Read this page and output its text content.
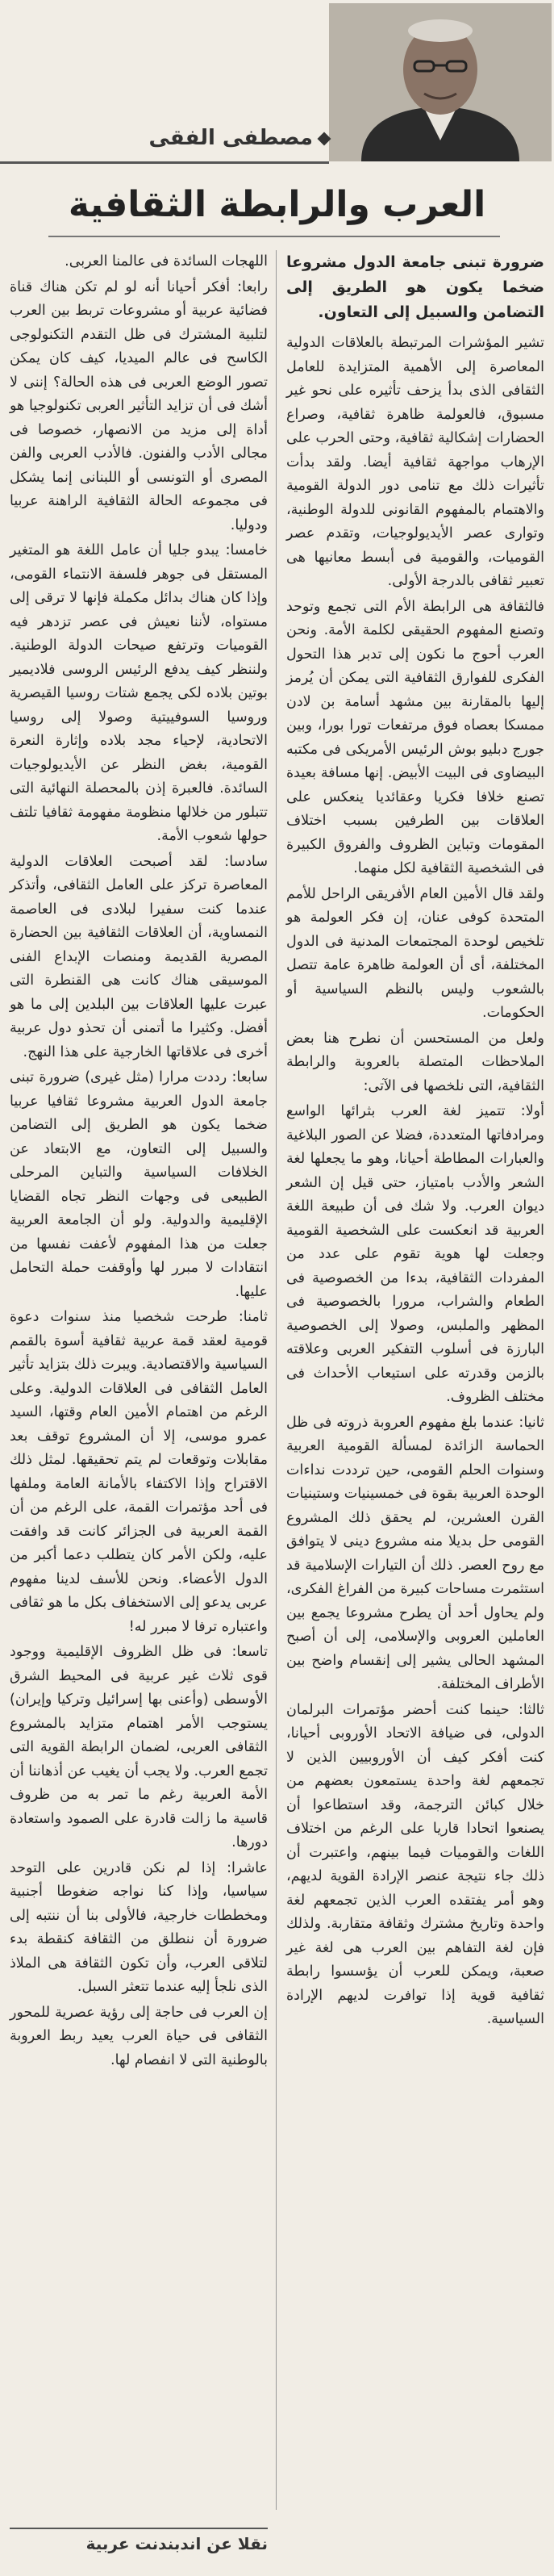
مصطفى الفقى
العرب والرابطة الثقافية

ضرورة تبنى جامعة الدول مشروعا ضخما يكون هو الطريق إلى التضامن والسبيل إلى التعاون.

تشير المؤشرات المرتبطة بالعلاقات الدولية المعاصرة إلى الأهمية المتزايدة للعامل الثقافى الذى بدأ يزحف تأثيره على نحو غير مسبوق، فالعولمة ظاهرة ثقافية، وصراع الحضارات إشكالية ثقافية، وحتى الحرب على الإرهاب مواجهة ثقافية أيضا. ولقد بدأت تأثيرات ذلك مع تنامى دور الدولة القومية والاهتمام بالمفهوم القانونى للدولة الوطنية، وتوارى عصر الأيديولوجيات، وتقدم عصر القوميات، والقومية فى أبسط معانيها هى تعبير ثقافى بالدرجة الأولى.

فالثقافة هى الرابطة الأم التى تجمع وتوحد وتصنع المفهوم الحقيقى لكلمة الأمة. ونحن العرب أحوج ما نكون إلى تدبر هذا التحول الفكرى للفوارق الثقافية التى يمكن أن يُرمز إليها بالمقارنة بين مشهد أسامة بن لادن ممسكا بعصاه فوق مرتفعات تورا بورا، وبين جورج دبليو بوش الرئيس الأمريكى فى مكتبه البيضاوى فى البيت الأبيض. إنها مسافة بعيدة تصنع خلافا فكريا وعقائديا ينعكس على العلاقات بين الطرفين بسبب اختلاف المقومات وتباين الظروف والفروق الكبيرة فى الشخصية الثقافية لكل منهما.

ولقد قال الأمين العام الأفريقى الراحل للأمم المتحدة كوفى عنان، إن فكر العولمة هو تلخيص لوحدة المجتمعات المدنية فى الدول المختلفة، أى أن العولمة ظاهرة عامة تتصل بالشعوب وليس بالنظم السياسية أو الحكومات.

ولعل من المستحسن أن نطرح هنا بعض الملاحظات المتصلة بالعروبة والرابطة الثقافية، التى نلخصها فى الآتى:

أولا: تتميز لغة العرب بثرائها الواسع ومرادفاتها المتعددة، فضلا عن الصور البلاغية والعبارات المطاطة أحيانا، وهو ما يجعلها لغة الشعر والأدب بامتياز، حتى قيل إن الشعر ديوان العرب. ولا شك فى أن طبيعة اللغة العربية قد انعكست على الشخصية القومية وجعلت لها هوية تقوم على عدد من المفردات الثقافية، بدءا من الخصوصية فى الطعام والشراب، مرورا بالخصوصية فى المظهر والملبس، وصولا إلى الخصوصية البارزة فى أسلوب التفكير العربى وعلاقته بالزمن وقدرته على استيعاب الأحداث فى مختلف الظروف.

ثانيا: عندما بلغ مفهوم العروبة ذروته فى ظل الحماسة الزائدة لمسألة القومية العربية وسنوات الحلم القومى، حين ترددت نداءات الوحدة العربية بقوة فى خمسينيات وستينيات القرن العشرين، لم يحقق ذلك المشروع القومى حل بديلا منه مشروع دينى لا يتوافق مع روح العصر. ذلك أن التيارات الإسلامية قد استثمرت مساحات كبيرة من الفراغ الفكرى، ولم يحاول أحد أن يطرح مشروعا يجمع بين العاملين العروبى والإسلامى، إلى أن أصبح المشهد الحالى يشير إلى إنقسام واضح بين الأطراف المختلفة.

ثالثا: حينما كنت أحضر مؤتمرات البرلمان الدولى، فى ضيافة الاتحاد الأوروبى أحيانا، كنت أفكر كيف أن الأوروبيين الذين لا تجمعهم لغة واحدة يستمعون بعضهم من خلال كبائن الترجمة، وقد استطاعوا أن يصنعوا اتحادا قاريا على الرغم من اختلاف اللغات والقوميات فيما بينهم، واعتبرت أن ذلك جاء نتيجة عنصر الإرادة القوية لديهم، وهو أمر يفتقده العرب الذين تجمعهم لغة واحدة وتاريخ مشترك وثقافة متقاربة. ولذلك فإن لغة التفاهم بين العرب هى لغة غير صعبة، ويمكن للعرب أن يؤسسوا رابطة ثقافية قوية إذا توافرت لديهم الإرادة السياسية.

اللهجات السائدة فى عالمنا العربى.

رابعا: أفكر أحيانا أنه لو لم تكن هناك قناة فضائية عربية أو مشروعات تربط بين العرب لتلبية المشترك فى ظل التقدم التكنولوجى الكاسح فى عالم الميديا، كيف كان يمكن تصور الوضع العربى فى هذه الحالة؟ إننى لا أشك فى أن تزايد التأثير العربى تكنولوجيا هو أداة إلى مزيد من الانصهار، خصوصا فى مجالى الأدب والفنون. فالأدب العربى والفن المصرى أو التونسى أو اللبنانى إنما يشكل فى مجموعه الحالة الثقافية الراهنة عربيا ودوليا.

خامسا: يبدو جليا أن عامل اللغة هو المتغير المستقل فى جوهر فلسفة الانتماء القومى، وإذا كان هناك بدائل مكملة فإنها لا ترقى إلى مستواه، لأننا نعيش فى عصر تزدهر فيه القوميات وترتفع صيحات الدولة الوطنية. ولننظر كيف يدفع الرئيس الروسى فلاديمير بوتين بلاده لكى يجمع شتات روسيا القيصرية وروسيا السوفييتية وصولا إلى روسيا الاتحادية، لإحياء مجد بلاده وإثارة النعرة القومية، بغض النظر عن الأيديولوجيات السائدة. فالعبرة إذن بالمحصلة النهائية التى تتبلور من خلالها منظومة مفهومة ثقافيا تلتف حولها شعوب الأمة.

سادسا: لقد أصبحت العلاقات الدولية المعاصرة تركز على العامل الثقافى، وأتذكر عندما كنت سفيرا لبلادى فى العاصمة النمساوية، أن العلاقات الثقافية بين الحضارة المصرية القديمة ومنصات الإبداع الفنى الموسيقى هناك كانت هى القنطرة التى عبرت عليها العلاقات بين البلدين إلى ما هو أفضل. وكثيرا ما أتمنى أن تحذو دول عربية أخرى فى علاقاتها الخارجية على هذا النهج.

سابعا: رددت مرارا (مثل غيرى) ضرورة تبنى جامعة الدول العربية مشروعا ثقافيا عربيا ضخما يكون هو الطريق إلى التضامن والسبيل إلى التعاون، مع الابتعاد عن الخلافات السياسية والتباين المرحلى الطبيعى فى وجهات النظر تجاه القضايا الإقليمية والدولية. ولو أن الجامعة العربية جعلت من هذا المفهوم لأعفت نفسها من انتقادات لا مبرر لها وأوقفت حملة التحامل عليها.

ثامنا: طرحت شخصيا منذ سنوات دعوة قومية لعقد قمة عربية ثقافية أسوة بالقمم السياسية والاقتصادية. ويبرت ذلك بتزايد تأثير العامل الثقافى فى العلاقات الدولية. وعلى الرغم من اهتمام الأمين العام وقتها، السيد عمرو موسى، إلا أن المشروع توقف بعد مقابلات وتوقعات لم يتم تحقيقها. لمثل ذلك الاقتراح وإذا الاكتفاء بالأمانة العامة وملفها فى أحد مؤتمرات القمة، على الرغم من أن القمة العربية فى الجزائر كانت قد وافقت عليه، ولكن الأمر كان يتطلب دعما أكبر من الدول الأعضاء. ونحن للأسف لدينا مفهوم عربى يدعو إلى الاستخفاف بكل ما هو ثقافى واعتباره ترفا لا مبرر له!

تاسعا: فى ظل الظروف الإقليمية ووجود قوى ثلاث غير عربية فى المحيط الشرق الأوسطى (وأعنى بها إسرائيل وتركيا وإيران) يستوجب الأمر اهتمام متزايد بالمشروع الثقافى العربى، لضمان الرابطة القوية التى تجمع العرب. ولا يجب أن يغيب عن أذهاننا أن الأمة العربية رغم ما تمر به من ظروف قاسية ما زالت قادرة على الصمود واستعادة دورها.

عاشرا: إذا لم نكن قادرين على التوحد سياسيا، وإذا كنا نواجه ضغوطا أجنبية ومخططات خارجية، فالأولى بنا أن ننتبه إلى ضرورة أن ننطلق من الثقافة كنقطة بدء لتلاقى العرب، وأن تكون الثقافة هى الملاذ الذى نلجأ إليه عندما تتعثر السبل.

إن العرب فى حاجة إلى رؤية عصرية للمحور الثقافى فى حياة العرب يعيد ربط العروبة بالوطنية التى لا انفصام لها.

نقلا عن اندبندنت عربية
